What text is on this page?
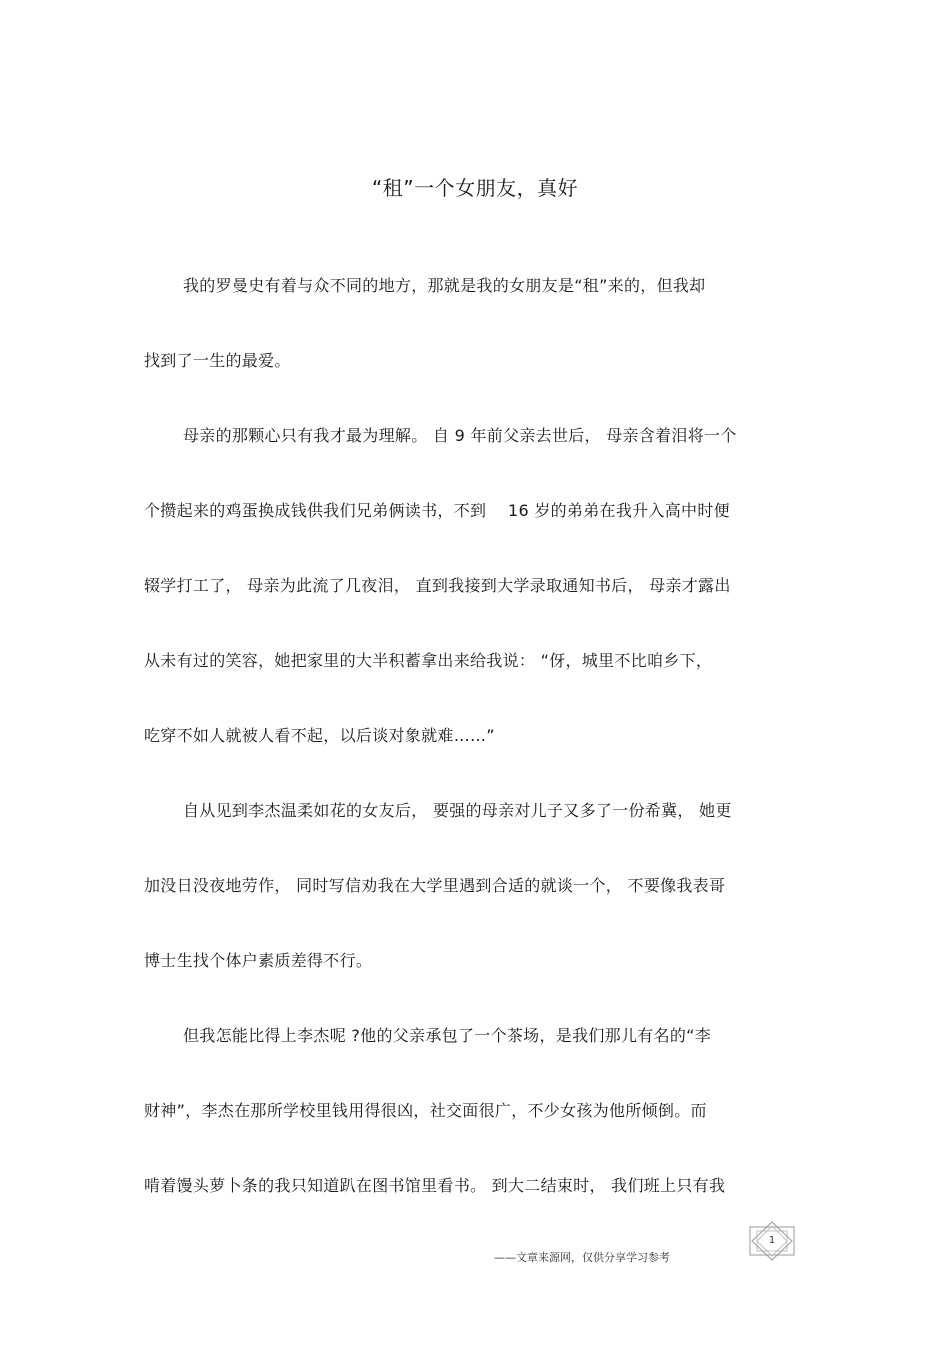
“租”一个女朋友，真好
我的罗曼史有着与众不同的地方，那就是我的女朋友是“租”来的，但我却
找到了一生的最爱。
母亲的那颗心只有我才最为理解。 自 9 年前父亲去世后， 母亲含着泪将一个
个攒起来的鸡蛋换成钱供我们兄弟俩读书，不到　 16 岁的弟弟在我升入高中时便
辍学打工了， 母亲为此流了几夜泪， 直到我接到大学录取通知书后， 母亲才露出
从未有过的笑容，她把家里的大半积蓄拿出来给我说： “伢，城里不比咱乡下，
吃穿不如人就被人看不起，以后谈对象就难……”
自从见到李杰温柔如花的女友后， 要强的母亲对儿子又多了一份希冀， 她更
加没日没夜地劳作， 同时写信劝我在大学里遇到合适的就谈一个， 不要像我表哥
博士生找个体户素质差得不行。
但我怎能比得上李杰呢 ?他的父亲承包了一个茶场，是我们那儿有名的“李
财神”，李杰在那所学校里钱用得很凶，社交面很广，不少女孩为他所倾倒。而
啃着馒头萝卜条的我只知道趴在图书馆里看书。 到大二结束时， 我们班上只有我
——文章来源网，仅供分享学习参考
1
